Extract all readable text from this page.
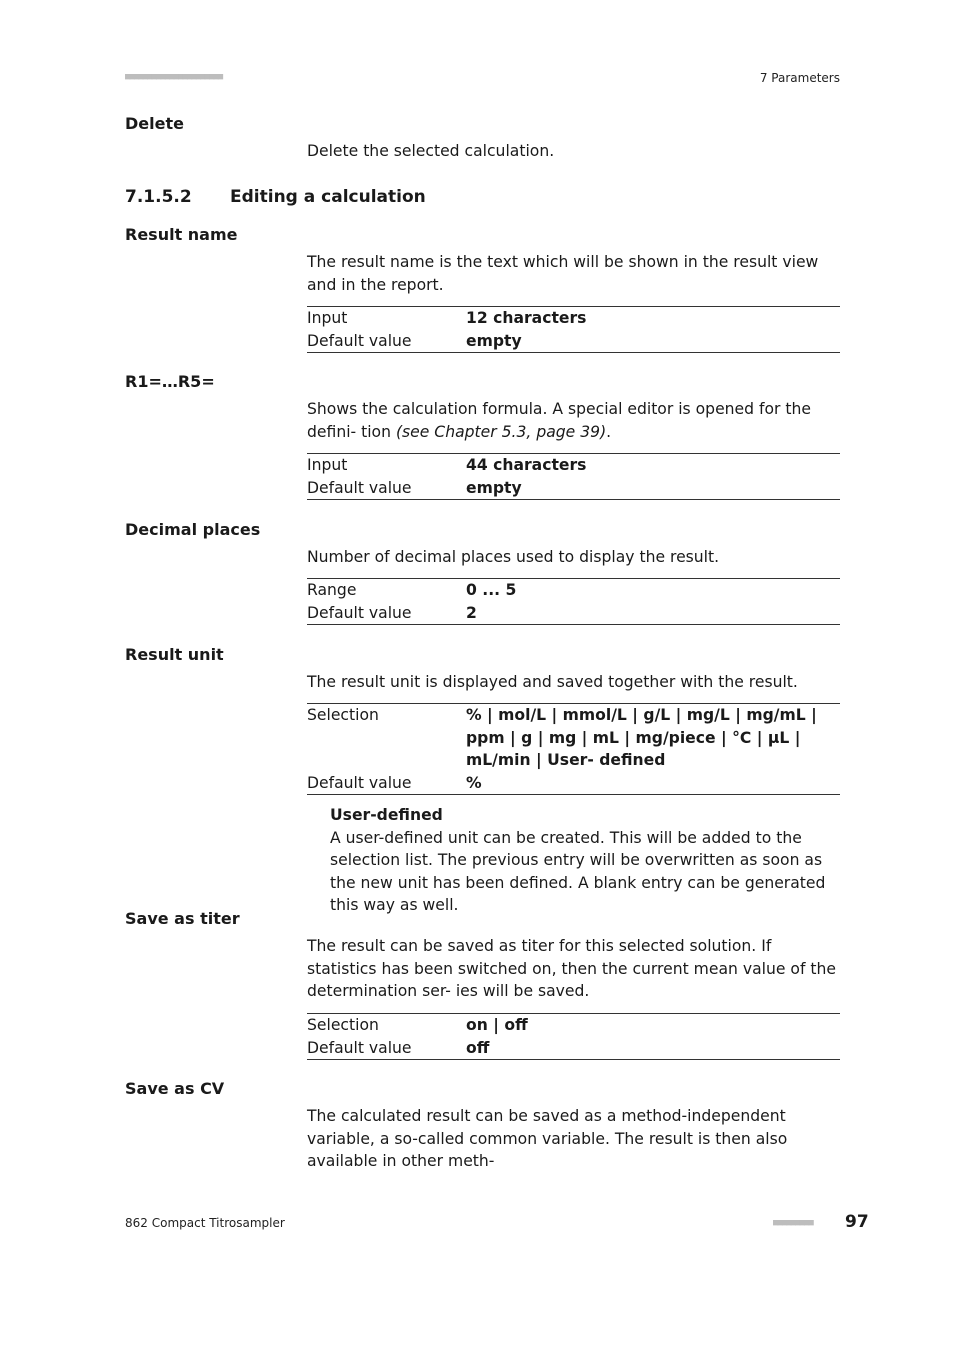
■■■■■■■■■■■■■■■■■■■■■■	7 Parameters
Delete
Delete the selected calculation.
7.1.5.2 Editing a calculation
Result name
The result name is the text which will be shown in the result view and in the report.
Input	12 characters
Default value	empty
R1=…R5=
Shows the calculation formula. A special editor is opened for the defini- tion (see Chapter 5.3, page 39).
Input	44 characters
Default value	empty
Decimal places
Number of decimal places used to display the result.
Range	0 ... 5
Default value	2
Result unit
The result unit is displayed and saved together with the result.
Selection	% | mol/L | mmol/L | g/L | mg/L | mg/mL | ppm | g | mg | mL | mg/piece | °C | µL | mL/min | User- defined
Default value	%
User-defined
A user-defined unit can be created. This will be added to the selection list. The previous entry will be overwritten as soon as the new unit has been defined. A blank entry can be generated this way as well.
Save as titer
The result can be saved as titer for this selected solution. If statistics has been switched on, then the current mean value of the determination ser- ies will be saved.
Selection	on | off
Default value	off
Save as CV
The calculated result can be saved as a method-independent variable, a so-called common variable. The result is then also available in other meth-
862 Compact Titrosampler	■■■■■■■■■ 97
